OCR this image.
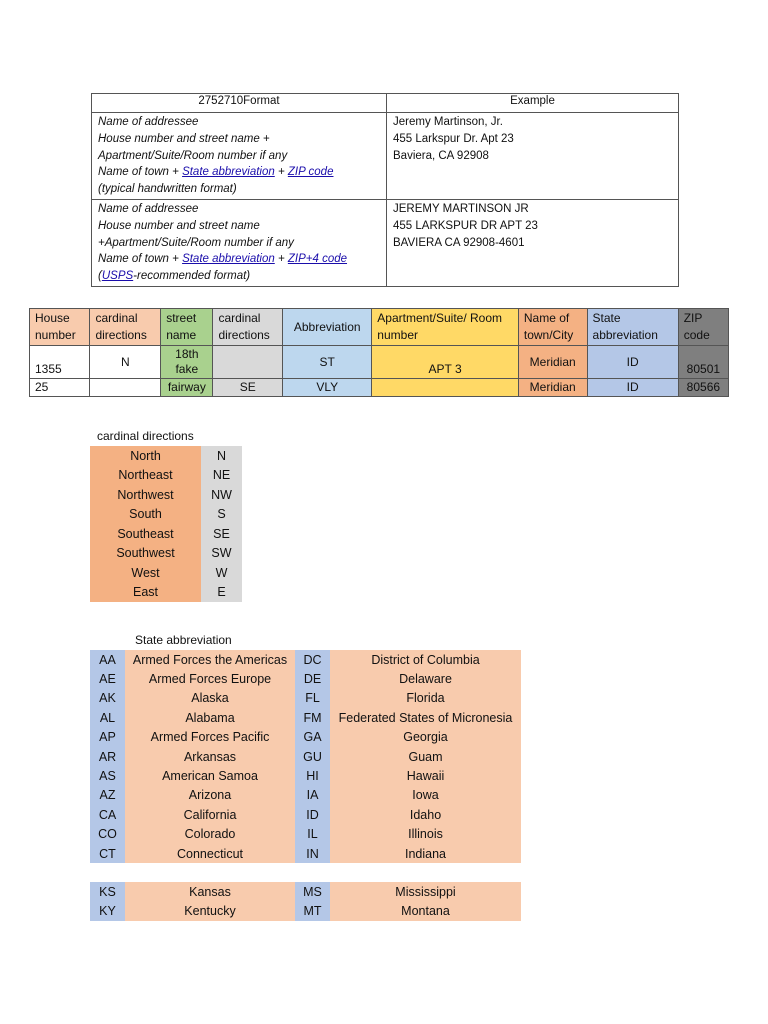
2752710Format	Example

Name of addressee
House number and street name +
Apartment/Suite/Room number if any
Name of town + State abbreviation + ZIP code
(typical handwritten format)	Jeremy Martinson, Jr.
455 Larkspur Dr. Apt 23
Baviera, CA 92908

Name of addressee
House number and street name
+Apartment/Suite/Room number if any
Name of town + State abbreviation + ZIP+4 code
(USPS-recommended format)	JEREMY MARTINSON JR
455 LARKSPUR DR APT 23
BAVIERA CA 92908-4601
House number	cardinal directions	street name	cardinal directions	Abbreviation	Apartment/Suite/ Room number	Name of town/City	State abbreviation	ZIP code
1355	N	18th fake		ST	APT 3	Meridian	ID	80501
25		fairway	SE	VLY		Meridian	ID	80566
cardinal directions
North	N
Northeast	NE
Northwest	NW
South	S
Southeast	SE
Southwest	SW
West	W
East	E
State abbreviation
AA	Armed Forces the Americas	DC	District of Columbia
AE	Armed Forces Europe	DE	Delaware
AK	Alaska	FL	Florida
AL	Alabama	FM	Federated States of Micronesia
AP	Armed Forces Pacific	GA	Georgia
AR	Arkansas	GU	Guam
AS	American Samoa	HI	Hawaii
AZ	Arizona	IA	Iowa
CA	California	ID	Idaho
CO	Colorado	IL	Illinois
CT	Connecticut	IN	Indiana
KS	Kansas	MS	Mississippi
KY	Kentucky	MT	Montana
